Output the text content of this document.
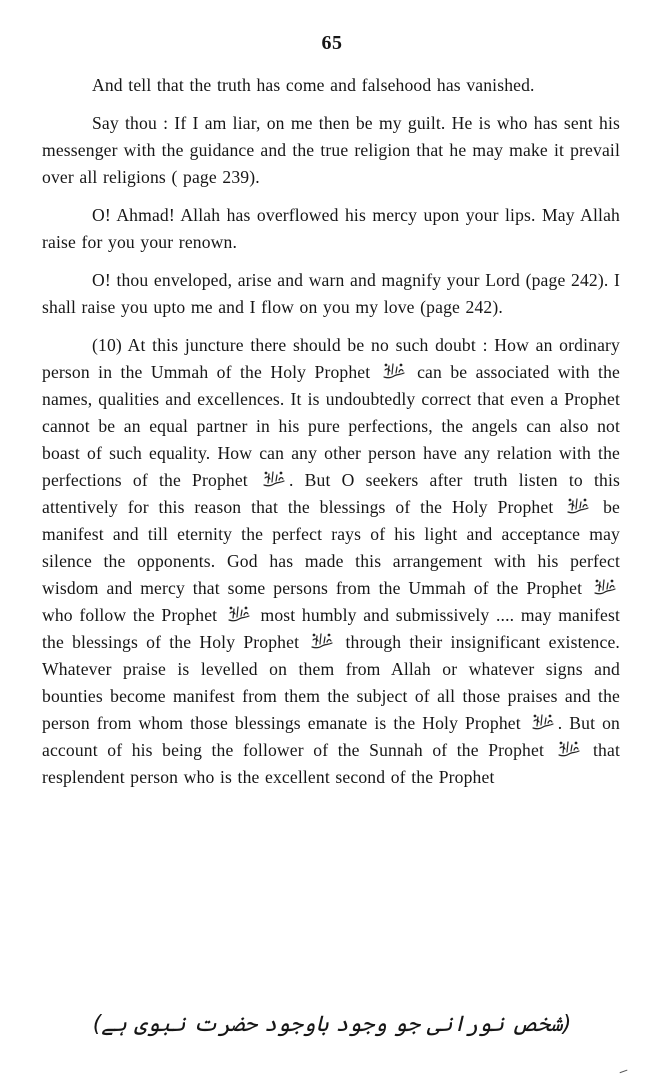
65

And tell that the truth has come and falsehood has vanished.

Say thou : If I am liar, on me then be my guilt. He is who has sent his messenger with the guidance and the true religion that he may make it prevail over all religions ( page 239).

O! Ahmad! Allah has overflowed his mercy upon your lips. May Allah raise for you your renown.

O! thou enveloped, arise and warn and magnify your Lord (page 242). I shall raise you upto me and I flow on you my love (page 242).

(10) At this juncture there should be no such doubt : How an ordinary person in the Ummah of the Holy Prophet	can be associated with the names, qualities and excellences. It is undoubtedly correct that even a Prophet cannot be an equal partner in his pure perfections, the angels can also not boast of such equality. How can any other person have any relation with the perfections of the Prophet . But O seekers after truth listen to this attentively for this reason that the blessings of the Holy Prophet	be manifest and till eternity the perfect rays of his light and acceptance may silence the opponents. God has made this arrangement with his perfect wisdom and mercy that some persons from the Ummah of the Prophet
who follow the Prophet most humbly and submissively .... may manifest the blessings of the Holy Prophet	through their insignificant existence. Whatever praise is levelled on them from Allah or whatever signs and bounties become manifest from them the subject of all those praises and the person from whom those blessings emanate is the Holy Prophet . But on account of his being the follower of the Sunnah of the Prophet	that resplendent person who is the excellent second of the Prophet

(شخص نورانی جو وجود باوجود حضرت نبوی ہے)
